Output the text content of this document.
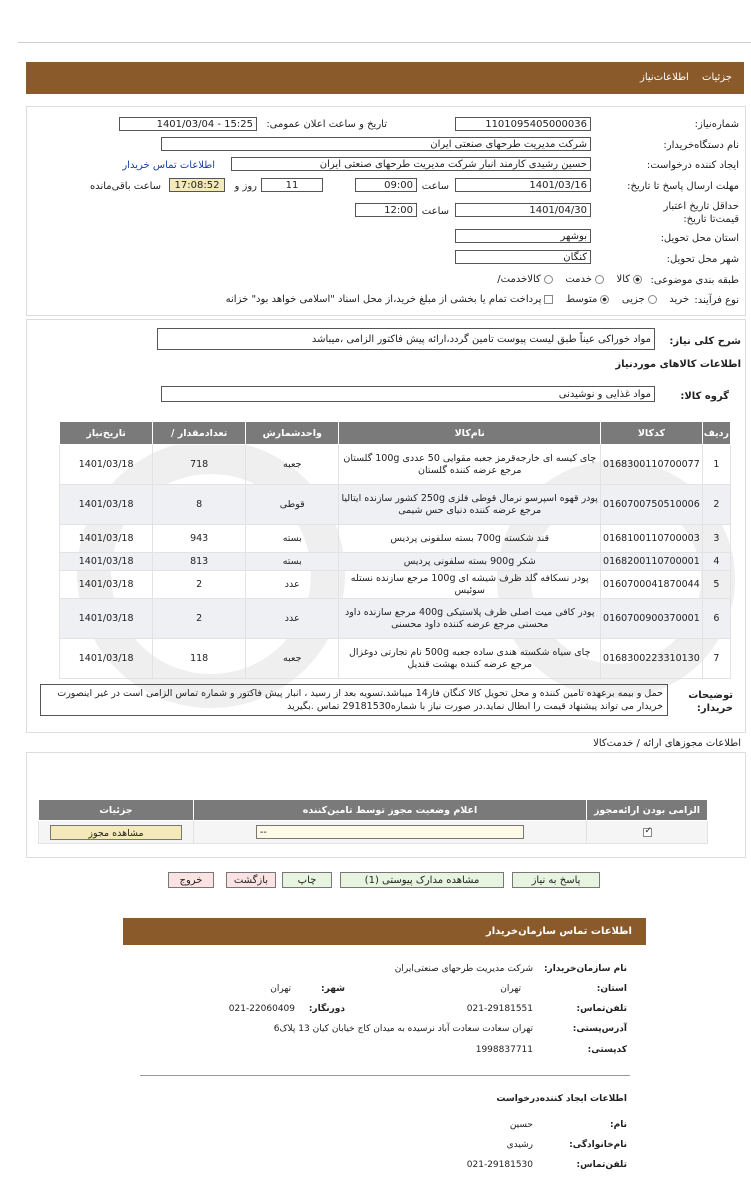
جزئیات اطلاعات‌نیاز
شماره‌نیاز:
1101095405000036
تاریخ و ساعت اعلان عمومی:
1401/03/04 - 15:25
نام دستگاه‌خریدار:
شرکت مدیریت طرحهای صنعتی ایران
ایجاد کننده درخواست:
حسین رشیدی کارمند انبار شرکت مدیریت طرحهای صنعتی ایران
اطلاعات تماس خریدار
مهلت ارسال پاسخ تا تاریخ:
1401/03/16
ساعت
09:00
11
روز و
17:08:52
ساعت باقی‌مانده
حداقل تاریخ اعتبار قیمت‌تا تاریخ:
1401/04/30
ساعت
12:00
استان محل تحویل:
بوشهر
شهر محل تحویل:
کنگان
طبقه بندی موضوعی:
کالا   خدمت   کالا‌خدمت/
نوع فرآیند:
خرید   جزیی   متوسط   پرداخت تمام یا بخشی از مبلغ خرید،از محل اسناد "اسلامی خواهد بود" خزانه
شرح کلی نیاز:
مواد خوراکی عیناً طبق لیست پیوست تامین گردد،ارائه پیش فاکتور الزامی ،میباشد
اطلاعات کالاهای موردنیاز
گروه کالا:
مواد غذایی و نوشیدنی
ردیف	کدکالا	نام‌کالا	واحدشمارش	تعدادمقدار /	تاریخ‌نیاز
1	0168300110700077	چای کیسه ای خارجه‌قرمز جعبه مقوایی 50 عددی 100g گلستان مرجع عرضه کننده گلستان	جعبه	718	1401/03/18
2	0160700750510006	پودر قهوه اسپرسو نرمال قوطی فلزی 250g کشور سازنده ایتالیا مرجع عرضه کننده دنیای حس شیمی	قوطی	8	1401/03/18
3	0168100110700003	قند شکسته 700g بسته سلفونی پردیس	بسته	943	1401/03/18
4	0168200110700001	شکر 900g بسته سلفونی پردیس	بسته	813	1401/03/18
5	0160700041870044	پودر نسکافه گلد ظرف شیشه ای 100g مرجع سازنده نستله سوئیس	عدد	2	1401/03/18
6	0160700900370001	پودر کافی میت اصلی ظرف پلاستیکی 400g مرجع سازنده داود محسنی مرجع عرضه کننده داود محسنی	عدد	2	1401/03/18
7	0168300223310130	چای سیاه شکسته هندی ساده جعبه 500g نام تجارتی دوغزال مرجع عرضه کننده بهشت قندیل	جعبه	118	1401/03/18
توضیحات خریدار:
حمل و بیمه برعهده تامین کننده و محل تحویل کالا کنگان فاز14 میباشد.تسویه بعد از رسید ، انبار پیش فاکتور و شماره تماس الزامی است در غیر اینصورت خریدار می تواند پیشنهاد قیمت را ابطال نماید.در صورت نیاز با شماره29181530 تماس .بگیرید
اطلاعات مجوزهای ارائه / خدمت‌کالا
الزامی بودن ارائه‌مجوز	اعلام وضعیت مجوز توسط تامین‌کننده	جزئیات

✓	--	مشاهده مجوز
پاسخ به نیاز
مشاهده مدارک پیوستی (1)
چاپ
بازگشت
خروج
اطلاعات تماس سازمان‌خریدار
نام سازمان‌خریدار:
شرکت مدیریت طرحهای صنعتی‌ایران
استان:
تهران
شهر:
تهران
تلفن‌تماس:
021-29181551
دورنگار:
021-22060409
آدرس‌پستی:
تهران سعادت سعادت آباد نرسیده به میدان کاج خیابان کیان 13 پلاک6
کدپستی:
1998837711
اطلاعات ایجاد کننده‌درخواست
نام:
حسین
نام‌خانوادگی:
رشیدی
تلفن‌تماس:
021-29181530
